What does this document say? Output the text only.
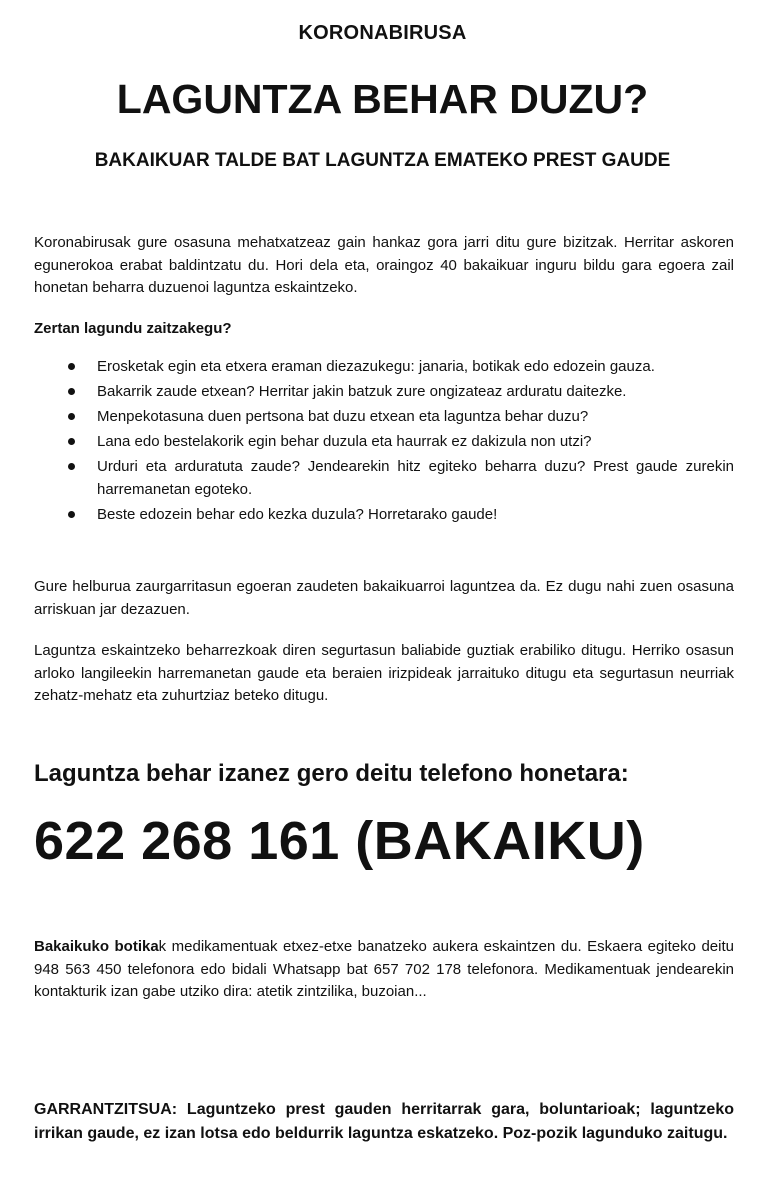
KORONABIRUSA
LAGUNTZA BEHAR DUZU?
BAKAIKUAR TALDE BAT LAGUNTZA EMATEKO PREST GAUDE
Koronabirusak gure osasuna mehatxatzeaz gain hankaz gora jarri ditu gure bizitzak. Herritar askoren egunerokoa erabat baldintzatu du. Hori dela eta, oraingoz 40 bakaikuar inguru bildu gara egoera zail honetan beharra duzuenoi laguntza eskaintzeko.
Zertan lagundu zaitzakegu?
Erosketak egin eta etxera eraman diezazukegu: janaria, botikak edo edozein gauza.
Bakarrik zaude etxean? Herritar jakin batzuk zure ongizateaz arduratu daitezke.
Menpekotasuna duen pertsona bat duzu etxean eta laguntza behar duzu?
Lana edo bestelakorik egin behar duzula eta haurrak ez dakizula non utzi?
Urduri eta arduratuta zaude? Jendearekin hitz egiteko beharra duzu? Prest gaude zurekin harremanetan egoteko.
Beste edozein behar edo kezka duzula? Horretarako gaude!
Gure helburua zaurgarritasun egoeran zaudeten bakaikuarroi laguntzea da. Ez dugu nahi zuen osasuna arriskuan jar dezazuen.
Laguntza eskaintzeko beharrezkoak diren segurtasun baliabide guztiak erabiliko ditugu. Herriko osasun arloko langileekin harremanetan gaude eta beraien irizpideak jarraituko ditugu eta segurtasun neurriak zehatz-mehatz eta zuhurtziaz beteko ditugu.
Laguntza behar izanez gero deitu telefono honetara:
622 268 161 (BAKAIKU)
Bakaikuko botikak medikamentuak etxez-etxe banatzeko aukera eskaintzen du. Eskaera egiteko deitu 948 563 450 telefonora edo bidali Whatsapp bat 657 702 178 telefonora. Medikamentuak jendearekin kontakturik izan gabe utziko dira: atetik zintzilika, buzoian...
GARRANTZITSUA: Laguntzeko prest gauden herritarrak gara, boluntarioak; laguntzeko irrikan gaude, ez izan lotsa edo beldurrik laguntza eskatzeko. Poz-pozik lagunduko zaitugu.
